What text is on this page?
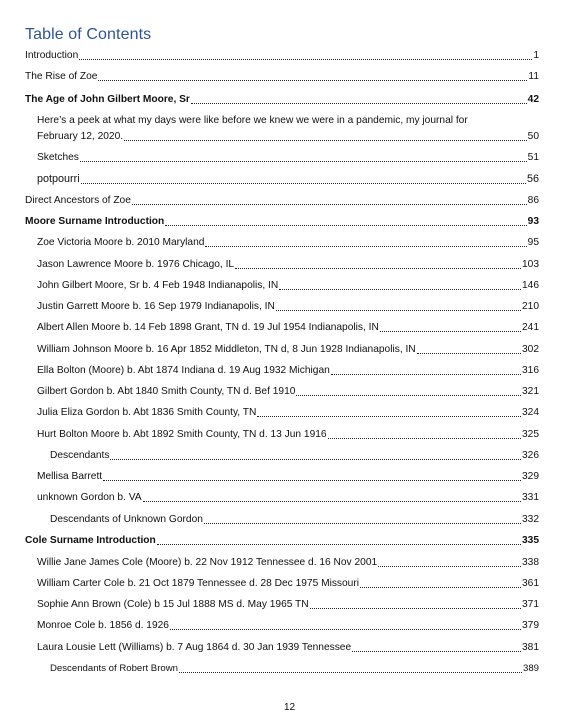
Table of Contents
Introduction	1
The Rise of Zoe	11
The Age of John Gilbert Moore, Sr	42
Here’s a peek at what my days were like before we knew we were in a pandemic, my journal for
February 12, 2020.	50
Sketches	51
potpourri	56
Direct Ancestors of Zoe	86
Moore Surname Introduction	93
Zoe Victoria Moore b. 2010 Maryland	95
Jason Lawrence Moore b. 1976 Chicago, IL	103
John Gilbert Moore, Sr b. 4 Feb 1948 Indianapolis, IN	146
Justin Garrett Moore b. 16 Sep 1979 Indianapolis, IN	210
Albert Allen Moore b. 14 Feb 1898 Grant, TN d. 19 Jul 1954 Indianapolis, IN	241
William Johnson Moore b. 16 Apr 1852 Middleton, TN d, 8 Jun 1928 Indianapolis, IN	302
Ella Bolton (Moore) b. Abt 1874 Indiana d. 19 Aug 1932 Michigan	316
Gilbert Gordon b. Abt 1840 Smith County, TN d. Bef 1910	321
Julia Eliza Gordon b. Abt 1836 Smith County, TN	324
Hurt Bolton Moore b. Abt 1892 Smith County, TN d. 13 Jun 1916	325
Descendants	326
Mellisa Barrett	329
unknown Gordon b. VA	331
Descendants of Unknown Gordon	332
Cole Surname Introduction	335
Willie Jane James Cole (Moore) b. 22 Nov 1912 Tennessee d. 16 Nov 2001	338
William Carter Cole b. 21 Oct 1879 Tennessee d. 28 Dec 1975 Missouri	361
Sophie Ann Brown (Cole) b 15 Jul 1888 MS d. May 1965 TN	371
Monroe Cole b. 1856 d. 1926	379
Laura Lousie Lett (Williams) b. 7 Aug 1864 d. 30 Jan 1939 Tennessee	381
Descendants of Robert Brown	389
12
